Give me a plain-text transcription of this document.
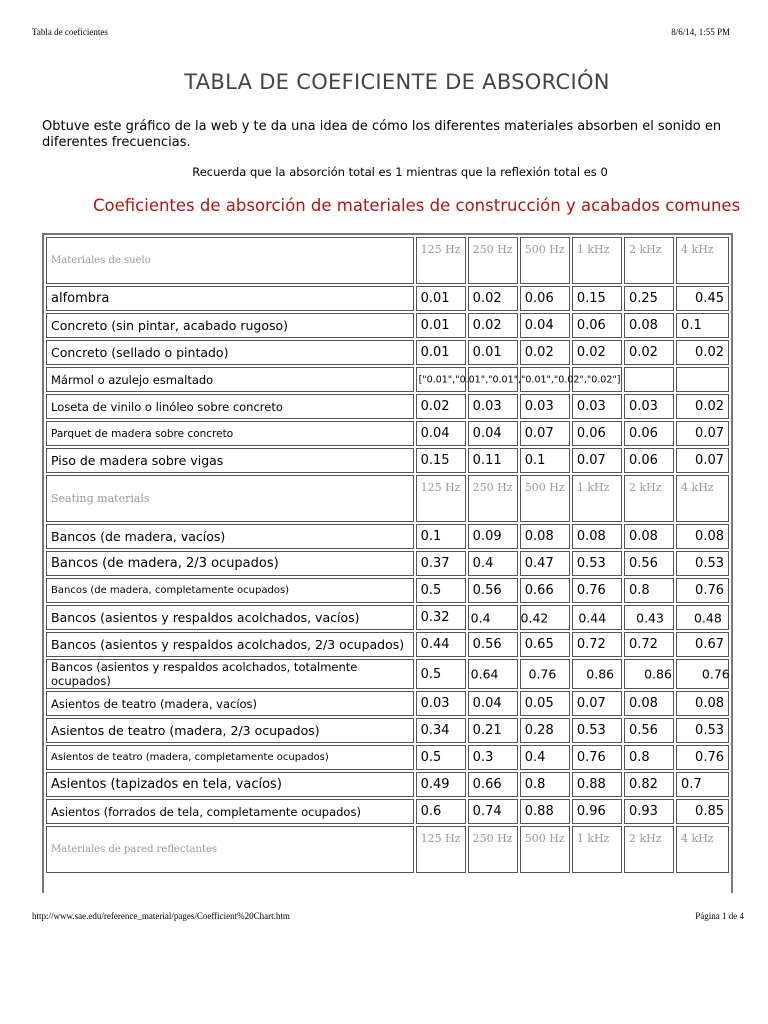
Tabla de coeficientes	8/6/14, 1:55 PM
TABLA DE COEFICIENTE DE ABSORCIÓN
Obtuve este gráfico de la web y te da una idea de cómo los diferentes materiales absorben el sonido en diferentes frecuencias.
Recuerda que la absorción total es 1 mientras que la reflexión total es 0
Coeficientes de absorción de materiales de construcción y acabados comunes
Materiales de suelo	125 Hz	250 Hz	500 Hz	1 kHz	2 kHz	4 kHz
alfombra	0.01	0.02	0.06	0.15	0.25	0.45
Concreto (sin pintar, acabado rugoso)	0.01	0.02	0.04	0.06	0.08	0.1
Concreto (sellado o pintado)	0.01	0.01	0.02	0.02	0.02	0.02
Mármol o azulejo esmaltado	["0.01","0.01","0.01","0.01","0.02","0.02"]					

Loseta de vinilo o linóleo sobre concreto	0.02	0.03	0.03	0.03	0.03	0.02
Parquet de madera sobre concreto	0.04	0.04	0.07	0.06	0.06	0.07
Piso de madera sobre vigas	0.15	0.11	0.1	0.07	0.06	0.07
Seating materials	125 Hz	250 Hz	500 Hz	1 kHz	2 kHz	4 kHz
Bancos (de madera, vacíos)	0.1	0.09	0.08	0.08	0.08	0.08
Bancos (de madera, 2/3 ocupados)	0.37	0.4	0.47	0.53	0.56	0.53
Bancos (de madera, completamente ocupados)	0.5	0.56	0.66	0.76	0.8	0.76
Bancos (asientos y respaldos acolchados, vacíos)	0.32	0.4 0.42 0.44 0.43 0.48				

Bancos (asientos y respaldos acolchados, 2/3 ocupados)	0.44	0.56	0.65	0.72	0.72	0.67
Bancos (asientos y respaldos acolchados, totalmente ocupados)	0.5	0.64 0.76 0.86 0.86 0.76				

Asientos de teatro (madera, vacíos)	0.03	0.04	0.05	0.07	0.08	0.08
Asientos de teatro (madera, 2/3 ocupados)	0.34	0.21	0.28	0.53	0.56	0.53
Asientos de teatro (madera, completamente ocupados)	0.5	0.3	0.4	0.76	0.8	0.76
Asientos (tapizados en tela, vacíos)	0.49	0.66	0.8	0.88	0.82	0.7
Asientos (forrados de tela, completamente ocupados)	0.6	0.74	0.88	0.96	0.93	0.85
Materiales de pared reflectantes	125 Hz	250 Hz	500 Hz	1 kHz	2 kHz	4 kHz
http://www.sae.edu/reference_material/pages/Coefficient%20Chart.htm	Página 1 de 4
